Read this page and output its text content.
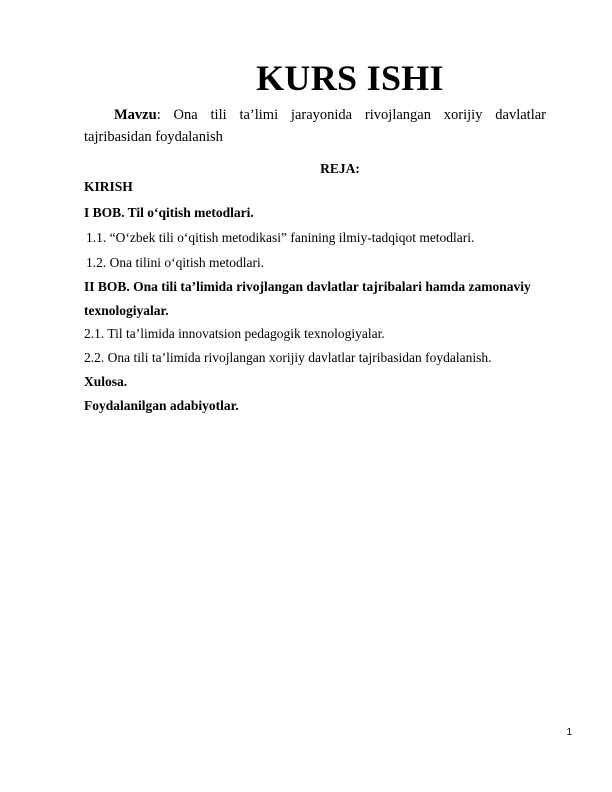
KURS ISHI
Mavzu: Ona tili ta’limi jarayonida rivojlangan xorijiy davlatlar tajribasidan foydalanish
REJA:
KIRISH
I BOB. Til o‘qitish metodlari.
1.1. “O‘zbek tili o‘qitish metodikasi” fanining ilmiy-tadqiqot metodlari.
1.2. Ona tilini o‘qitish metodlari.
II BOB. Ona tili ta’limida rivojlangan davlatlar tajribalari hamda zamonaviy
texnologiyalar.
2.1. Til ta’limida innovatsion pedagogik texnologiyalar.
2.2. Ona tili ta’limida rivojlangan xorijiy davlatlar tajribasidan foydalanish.
Xulosa.
Foydalanilgan adabiyotlar.
1
